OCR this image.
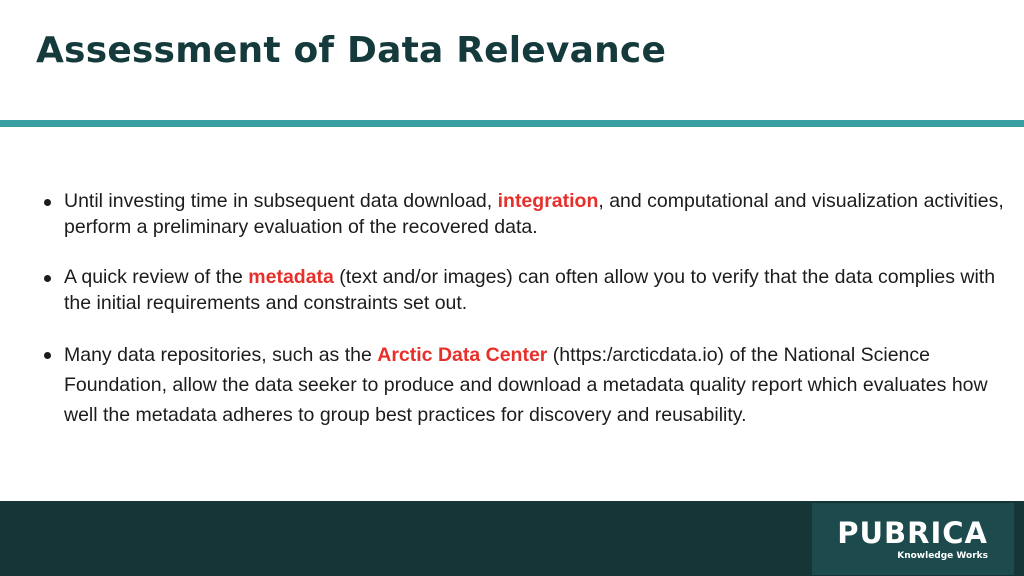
Assessment of Data Relevance
Until investing time in subsequent data download, integration, and computational and visualization activities, perform a preliminary evaluation of the recovered data.
A quick review of the metadata (text and/or images) can often allow you to verify that the data complies with the initial requirements and constraints set out.
Many data repositories, such as the Arctic Data Center (https:/arcticdata.io) of the National Science Foundation, allow the data seeker to produce and download a metadata quality report which evaluates how well the metadata adheres to group best practices for discovery and reusability.
PUBRICA
Knowledge Works
